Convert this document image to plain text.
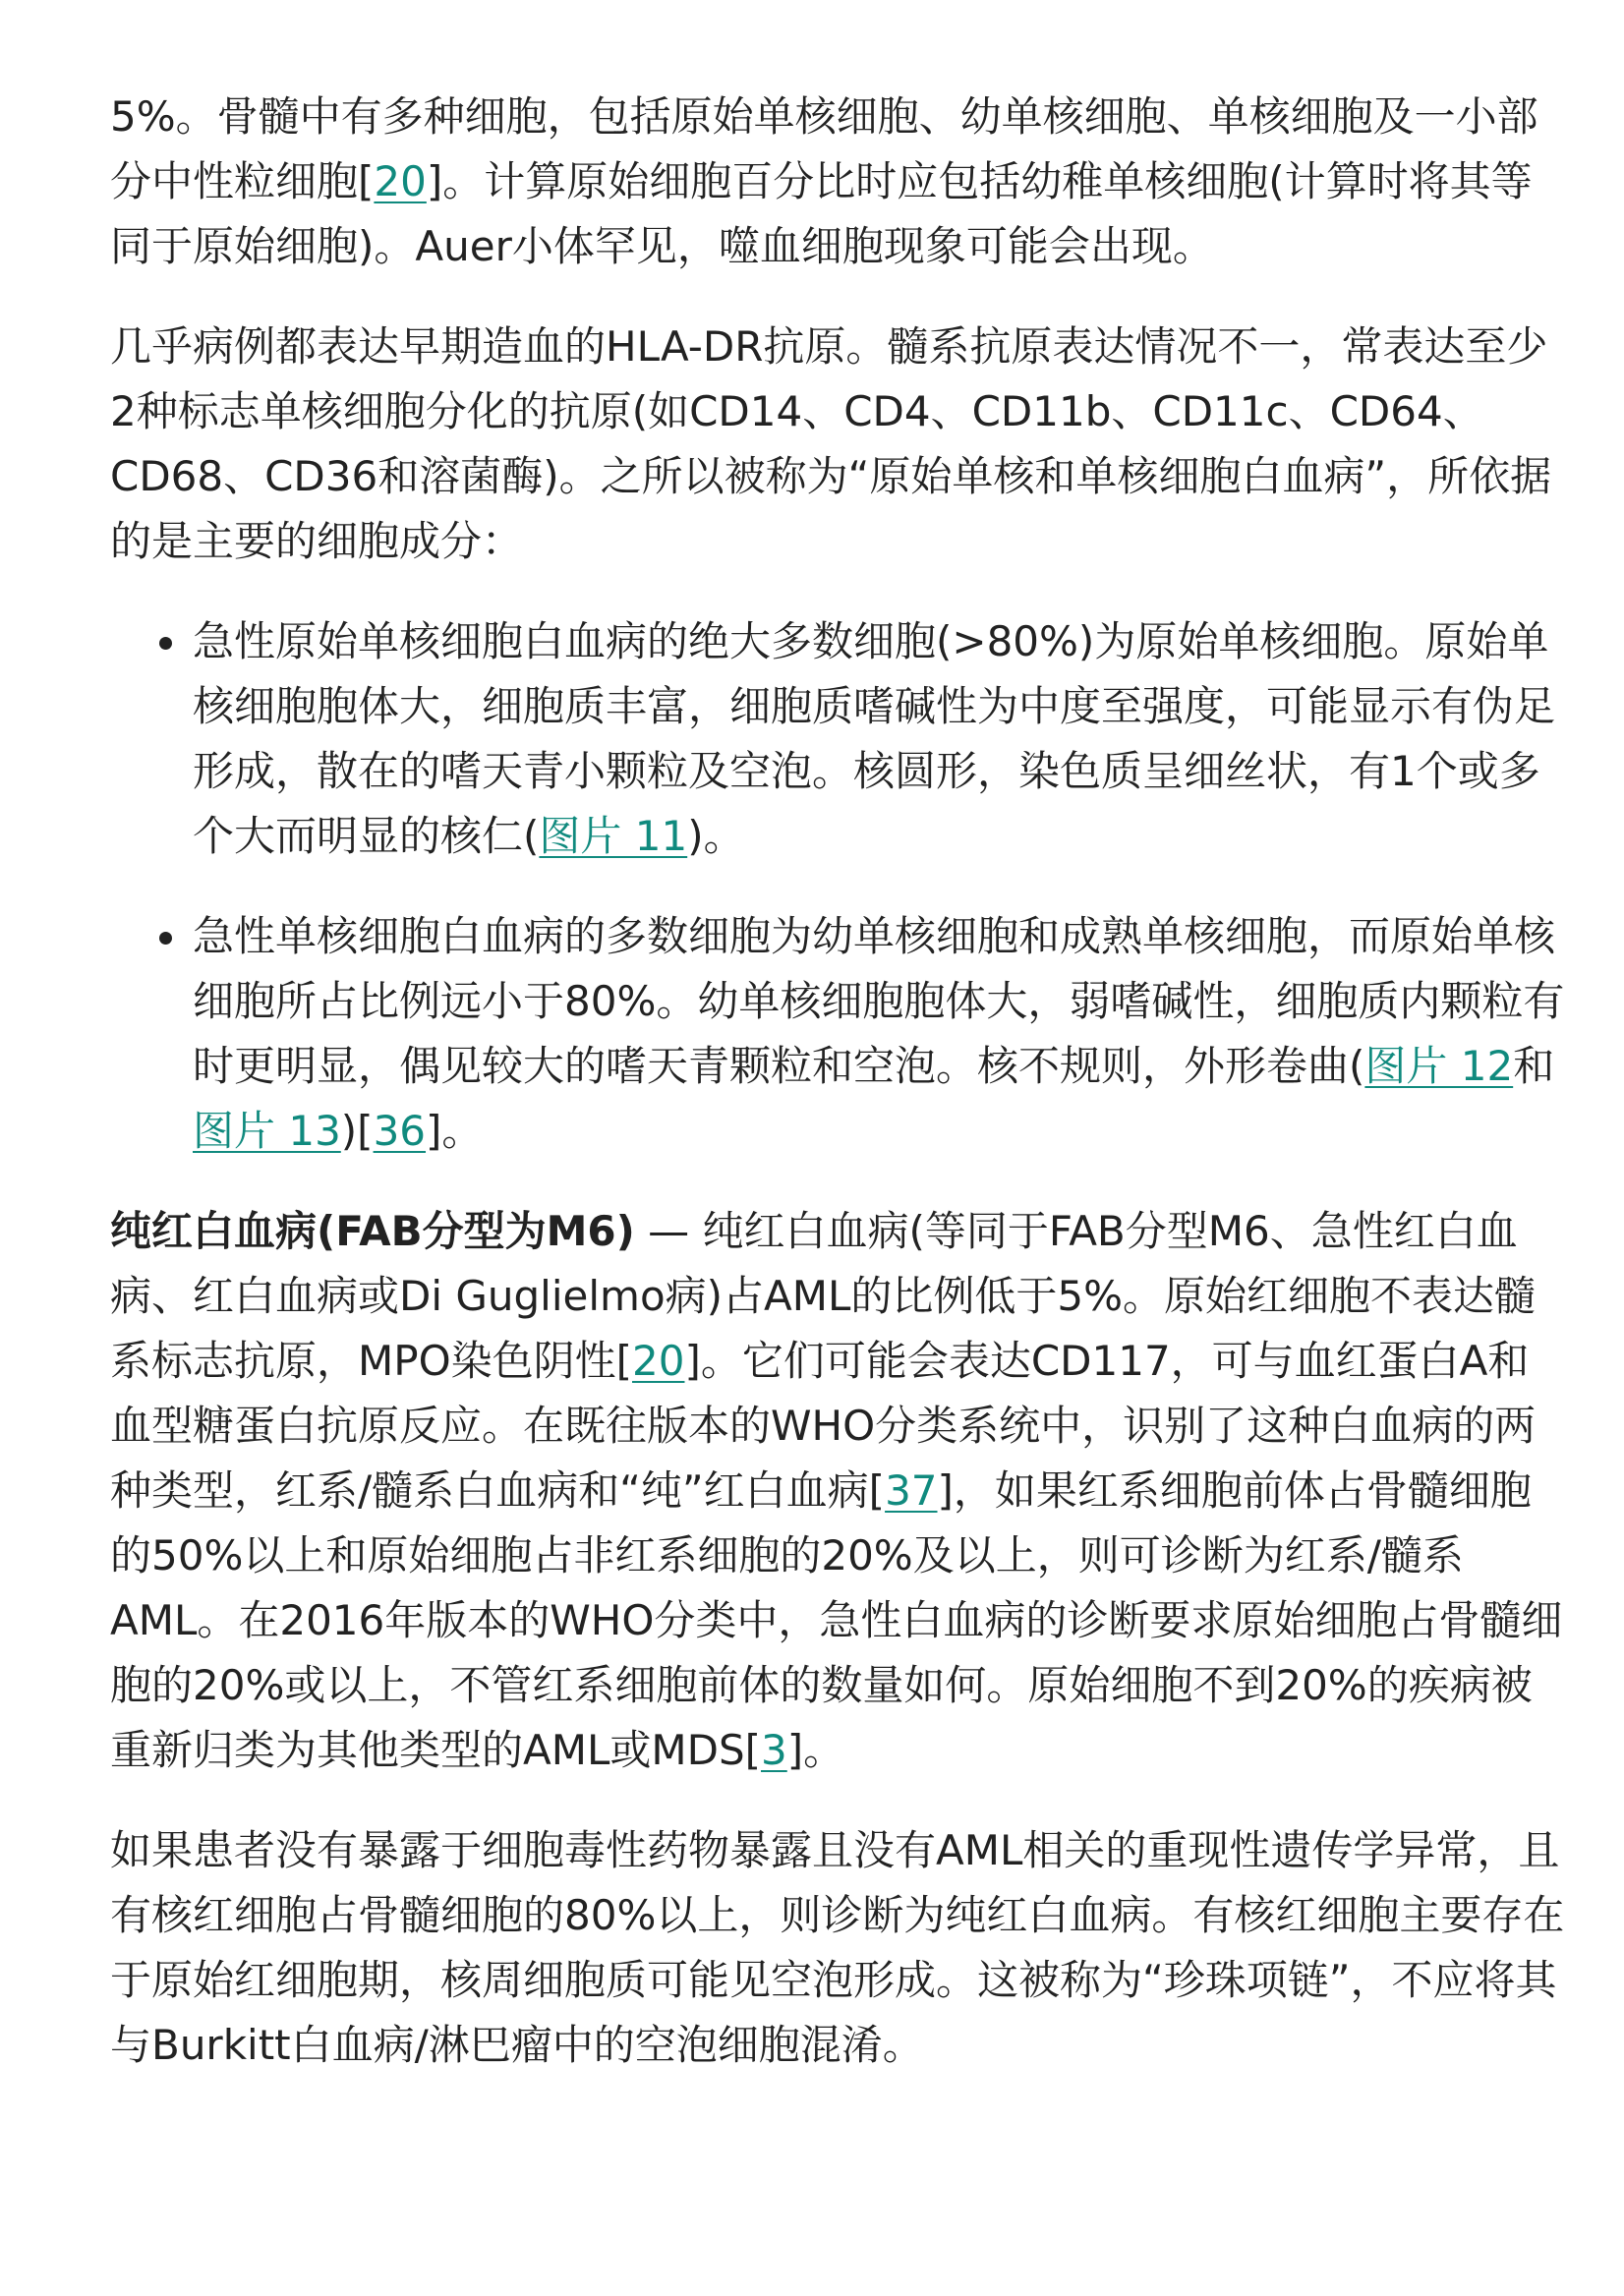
5%。骨髓中有多种细胞，包括原始单核细胞、幼单核细胞、单核细胞及一小部分中性粒细胞[20]。计算原始细胞百分比时应包括幼稚单核细胞(计算时将其等同于原始细胞)。Auer小体罕见，噬血细胞现象可能会出现。

几乎病例都表达早期造血的HLA-DR抗原。髓系抗原表达情况不一，常表达至少2种标志单核细胞分化的抗原(如CD14、CD4、CD11b、CD11c、CD64、CD68、CD36和溶菌酶)。之所以被称为“原始单核和单核细胞白血病”，所依据的是主要的细胞成分：

急性原始单核细胞白血病的绝大多数细胞(>80%)为原始单核细胞。原始单核细胞胞体大，细胞质丰富，细胞质嗜碱性为中度至强度，可能显示有伪足形成，散在的嗜天青小颗粒及空泡。核圆形，染色质呈细丝状，有1个或多个大而明显的核仁(图片 11)。
急性单核细胞白血病的多数细胞为幼单核细胞和成熟单核细胞，而原始单核细胞所占比例远小于80%。幼单核细胞胞体大，弱嗜碱性，细胞质内颗粒有时更明显，偶见较大的嗜天青颗粒和空泡。核不规则，外形卷曲(图片 12和图片 13)[36]。

纯红白血病(FAB分型为M6) — 纯红白血病(等同于FAB分型M6、急性红白血病、红白血病或Di Guglielmo病)占AML的比例低于5%。原始红细胞不表达髓系标志抗原，MPO染色阴性[20]。它们可能会表达CD117，可与血红蛋白A和血型糖蛋白抗原反应。在既往版本的WHO分类系统中，识别了这种白血病的两种类型，红系/髓系白血病和“纯”红白血病[37]，如果红系细胞前体占骨髓细胞的50%以上和原始细胞占非红系细胞的20%及以上，则可诊断为红系/髓系AML。在2016年版本的WHO分类中，急性白血病的诊断要求原始细胞占骨髓细胞的20%或以上，不管红系细胞前体的数量如何。原始细胞不到20%的疾病被重新归类为其他类型的AML或MDS[3]。

如果患者没有暴露于细胞毒性药物暴露且没有AML相关的重现性遗传学异常，且有核红细胞占骨髓细胞的80%以上，则诊断为纯红白血病。有核红细胞主要存在于原始红细胞期，核周细胞质可能见空泡形成。这被称为“珍珠项链”，不应将其与Burkitt白血病/淋巴瘤中的空泡细胞混淆。
